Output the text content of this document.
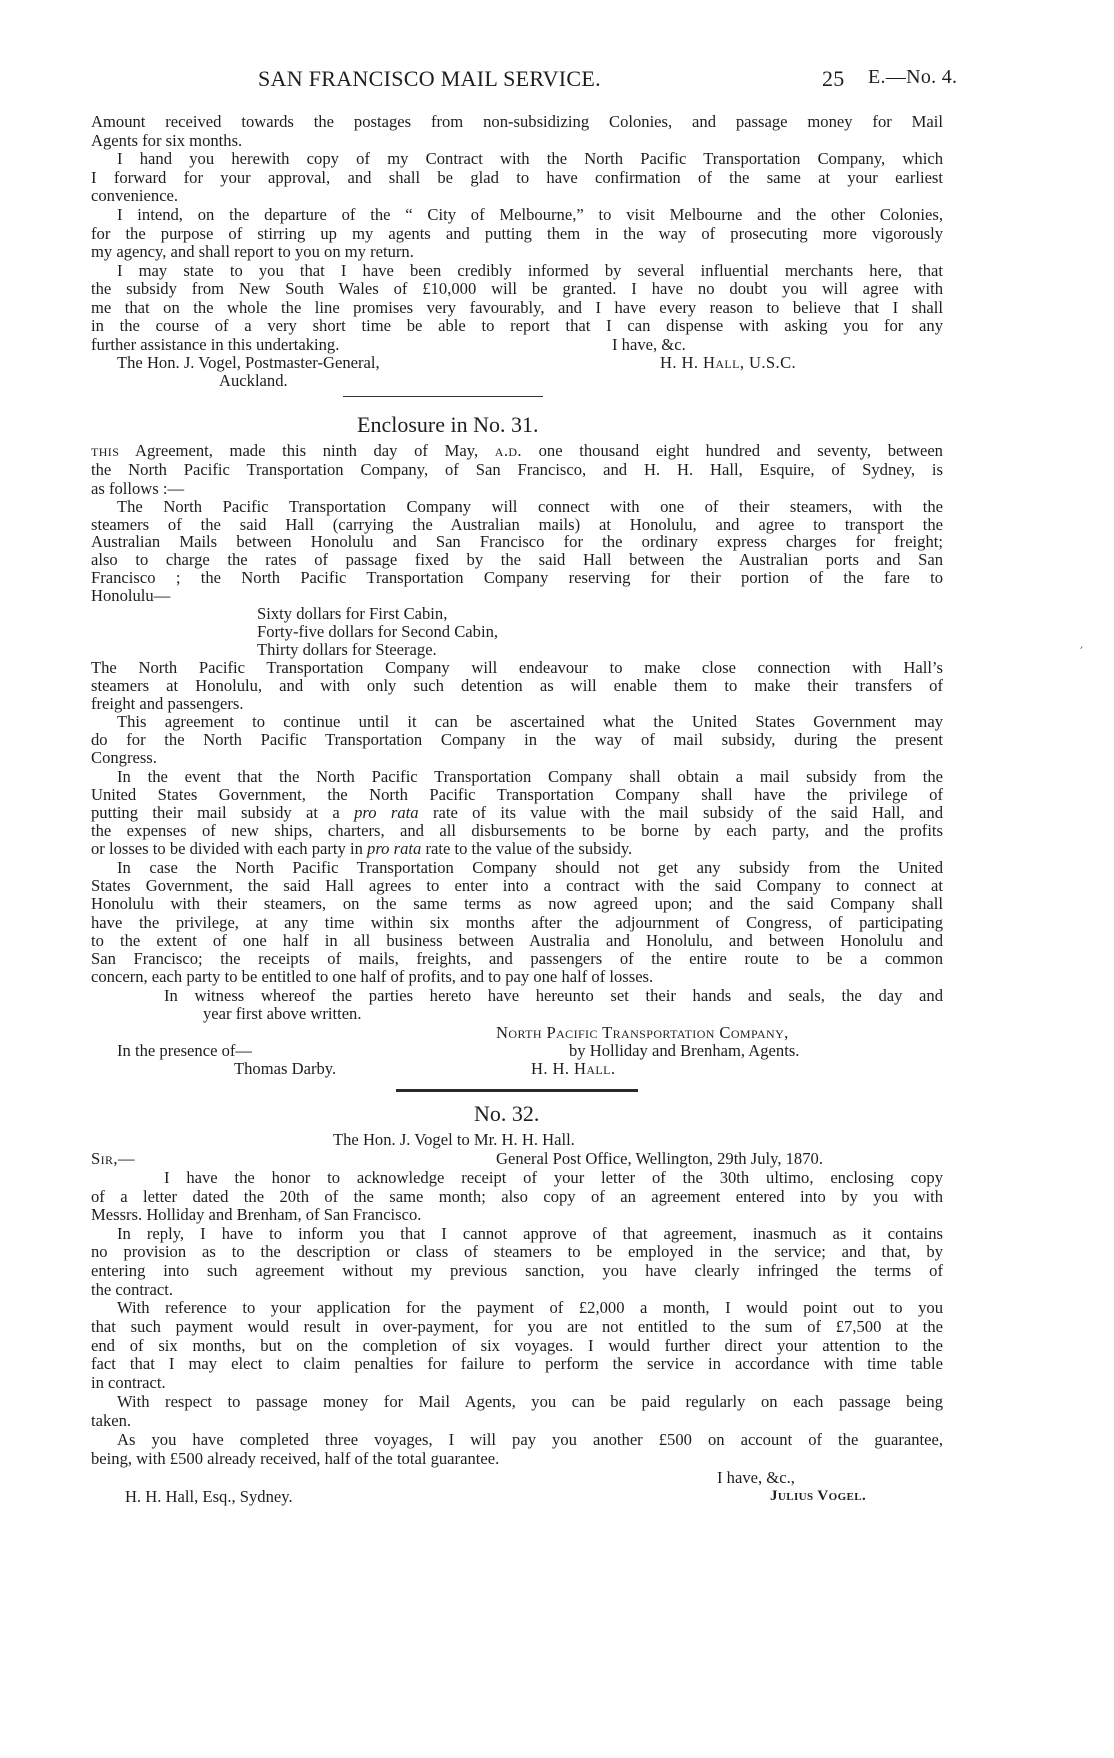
SAN FRANCISCO MAIL SERVICE.	25 E.—No. 4.
Amount received towards the postages from non-subsidizing Colonies, and passage money for Mail
Agents for six months.
I hand you herewith copy of my Contract with the North Pacific Transportation Company, which
I forward for your approval, and shall be glad to have confirmation of the same at your earliest
convenience.
I intend, on the departure of the “ City of Melbourne,” to visit Melbourne and the other Colonies,
for the purpose of stirring up my agents and putting them in the way of prosecuting more vigorously
my agency, and shall report to you on my return.
I may state to you that I have been credibly informed by several influential merchants here, that
the subsidy from New South Wales of £10,000 will be granted. I have no doubt you will agree with
me that on the whole the line promises very favourably, and I have every reason to believe that I shall
in the course of a very short time be able to report that I can dispense with asking you for any
further assistance in this undertaking.	I have, &c.
The Hon. J. Vogel, Postmaster-General,	H. H. Hall, U.S.C.
Auckland.
Enclosure in No. 31.
this Agreement, made this ninth day of May, a.d. one thousand eight hundred and seventy, between
the North Pacific Transportation Company, of San Francisco, and H. H. Hall, Esquire, of Sydney, is
as follows :—
The North Pacific Transportation Company will connect with one of their steamers, with the
steamers of the said Hall (carrying the Australian mails) at Honolulu, and agree to transport the
Australian Mails between Honolulu and San Francisco for the ordinary express charges for freight;
also to charge the rates of passage fixed by the said Hall between the Australian ports and San
Francisco ; the North Pacific Transportation Company reserving for their portion of the fare to
Honolulu—
Sixty dollars for First Cabin,
Forty-five dollars for Second Cabin,
Thirty dollars for Steerage.	′
The North Pacific Transportation Company will endeavour to make close connection with Hall’s
steamers at Honolulu, and with only such detention as will enable them to make their transfers of
freight and passengers.
This agreement to continue until it can be ascertained what the United States Government may
do for the North Pacific Transportation Company in the way of mail subsidy, during the present
Congress.
In the event that the North Pacific Transportation Company shall obtain a mail subsidy from the
United States Government, the North Pacific Transportation Company shall have the privilege of
putting their mail subsidy at a pro rata rate of its value with the mail subsidy of the said Hall, and
the expenses of new ships, charters, and all disbursements to be borne by each party, and the profits
or losses to be divided with each party in pro rata rate to the value of the subsidy.
In case the North Pacific Transportation Company should not get any subsidy from the United
States Government, the said Hall agrees to enter into a contract with the said Company to connect at
Honolulu with their steamers, on the same terms as now agreed upon; and the said Company shall
have the privilege, at any time within six months after the adjournment of Congress, of participating
to the extent of one half in all business between Australia and Honolulu, and between Honolulu and
San Francisco; the receipts of mails, freights, and passengers of the entire route to be a common
concern, each party to be entitled to one half of profits, and to pay one half of losses.
In witness whereof the parties hereto have hereunto set their hands and seals, the day and
year first above written.
North Pacific Transportation Company,
In the presence of—	by Holliday and Brenham, Agents.
Thomas Darby.	H. H. Hall.
No. 32.
The Hon. J. Vogel to Mr. H. H. Hall.
Sir,—	General Post Office, Wellington, 29th July, 1870.
I have the honor to acknowledge receipt of your letter of the 30th ultimo, enclosing copy
of a letter dated the 20th of the same month; also copy of an agreement entered into by you with
Messrs. Holliday and Brenham, of San Francisco.
In reply, I have to inform you that I cannot approve of that agreement, inasmuch as it contains
no provision as to the description or class of steamers to be employed in the service; and that, by
entering into such agreement without my previous sanction, you have clearly infringed the terms of
the contract.
With reference to your application for the payment of £2,000 a month, I would point out to you
that such payment would result in over-payment, for you are not entitled to the sum of £7,500 at the
end of six months, but on the completion of six voyages. I would further direct your attention to the
fact that I may elect to claim penalties for failure to perform the service in accordance with time table
in contract.
With respect to passage money for Mail Agents, you can be paid regularly on each passage being
taken.
As you have completed three voyages, I will pay you another £500 on account of the guarantee,
being, with £500 already received, half of the total guarantee.
I have, &c.,
H. H. Hall, Esq., Sydney.	Julius Vogel.
